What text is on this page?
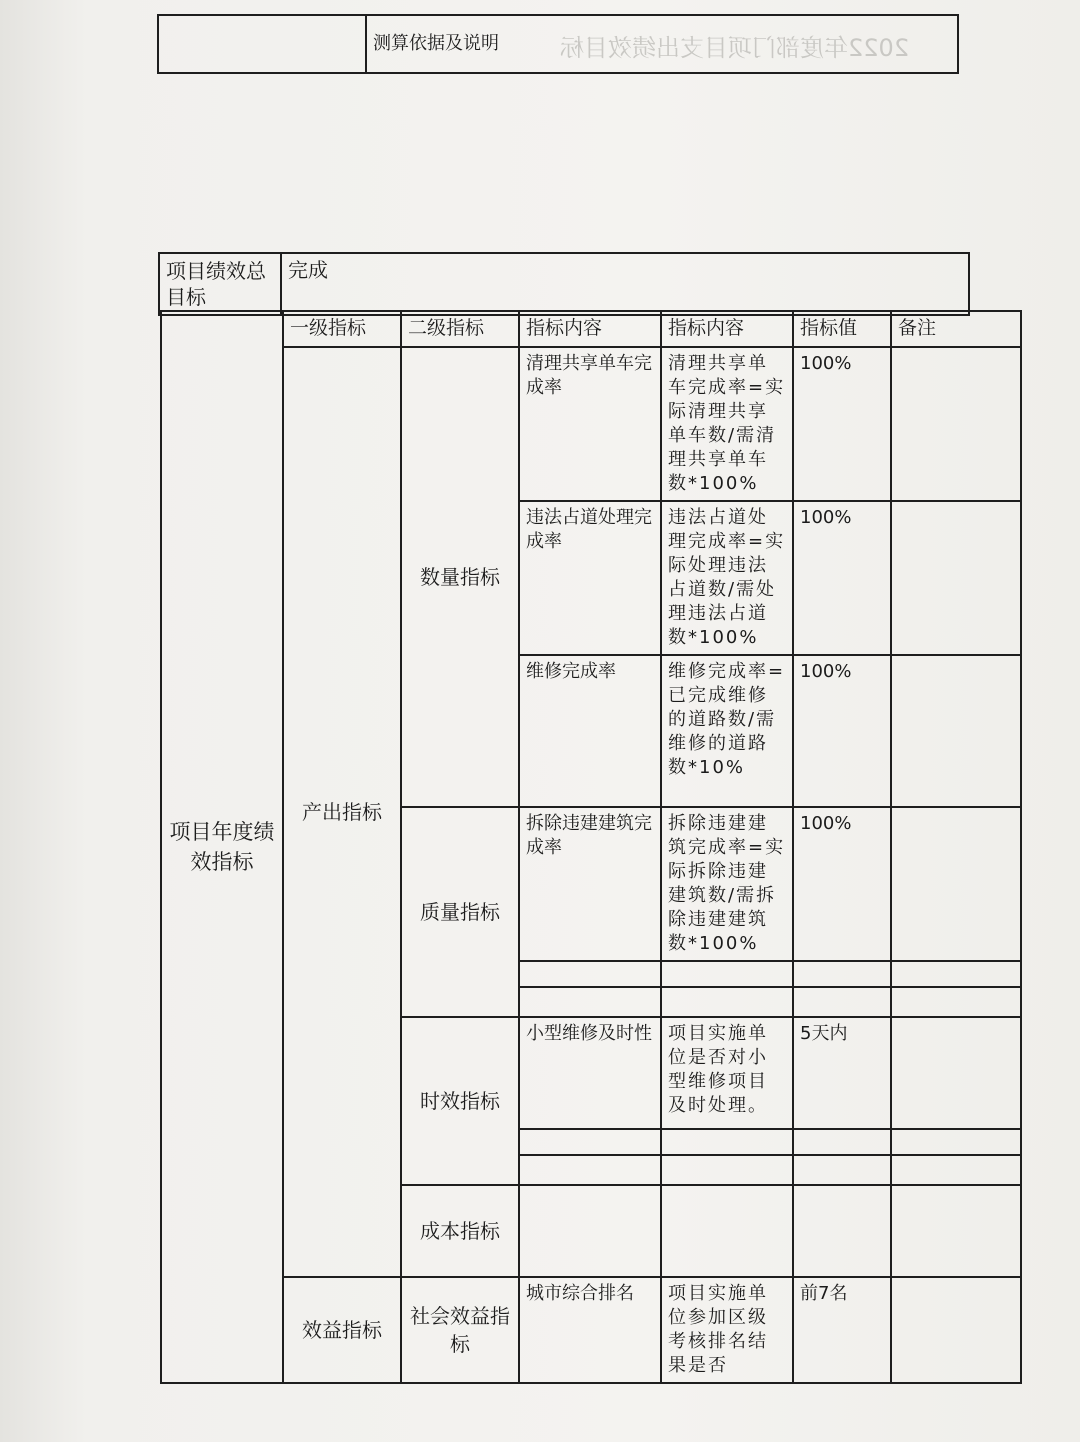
2022年度部门项目支出绩效目标
	测算依据及说明
项目绩效总目标	完成
项目年度绩效指标	一级指标	二级指标	指标内容	指标内容	指标值	备注
	产出指标	数量指标	清理共享单车完成率	清理共享单车完成率=实际清理共享单车数/需清理共享单车数*100%	100%	
			违法占道处理完成率	违法占道处理完成率=实际处理违法占道数/需处理违法占道数*100%	100%	
			维修完成率	维修完成率=已完成维修的道路数/需维修的道路数*10%	100%	
		质量指标	拆除违建建筑完成率	拆除违建建筑完成率=实际拆除违建建筑数/需拆除违建建筑数*100%	100%	

		时效指标	小型维修及时性	项目实施单位是否对小型维修项目及时处理。	5天内	

		成本指标				
	效益指标	社会效益指标	城市综合排名	项目实施单位参加区级考核排名结果是否	前7名	
